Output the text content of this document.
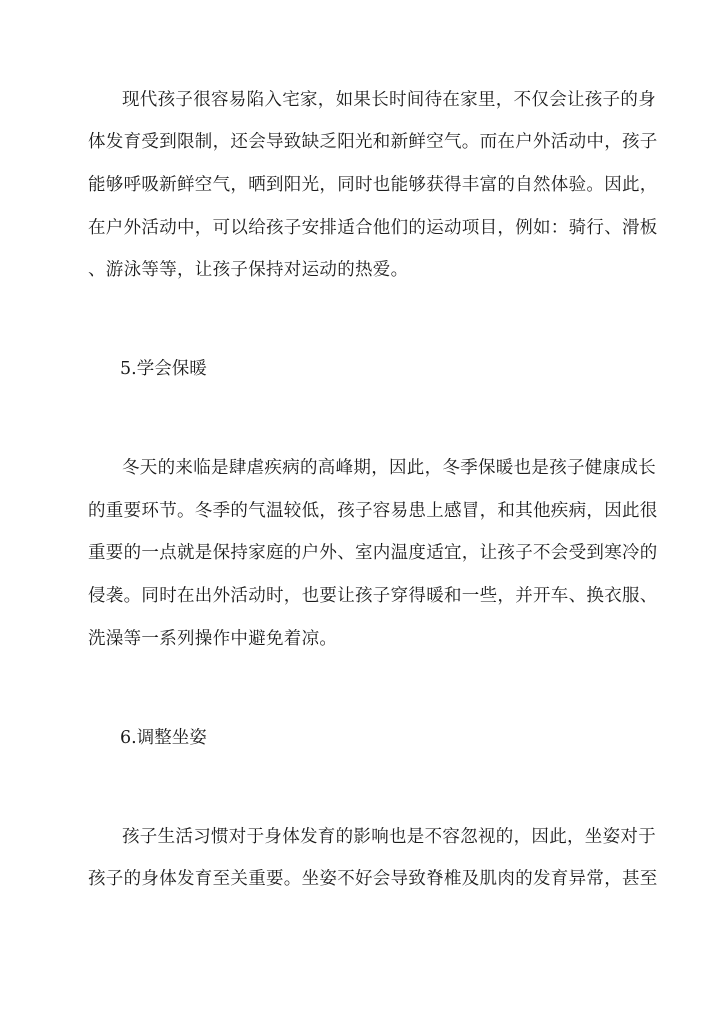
现代孩子很容易陷入宅家，如果长时间待在家里，不仅会让孩子的身
体发育受到限制，还会导致缺乏阳光和新鲜空气。而在户外活动中，孩子
能够呼吸新鲜空气，晒到阳光，同时也能够获得丰富的自然体验。因此，
在户外活动中，可以给孩子安排适合他们的运动项目，例如：骑行、滑板
、游泳等等，让孩子保持对运动的热爱。
5.学会保暖
冬天的来临是肆虐疾病的高峰期，因此，冬季保暖也是孩子健康成长
的重要环节。冬季的气温较低，孩子容易患上感冒，和其他疾病，因此很
重要的一点就是保持家庭的户外、室内温度适宜，让孩子不会受到寒冷的
侵袭。同时在出外活动时，也要让孩子穿得暖和一些，并开车、换衣服、
洗澡等一系列操作中避免着凉。
6.调整坐姿
孩子生活习惯对于身体发育的影响也是不容忽视的，因此，坐姿对于
孩子的身体发育至关重要。坐姿不好会导致脊椎及肌肉的发育异常，甚至
